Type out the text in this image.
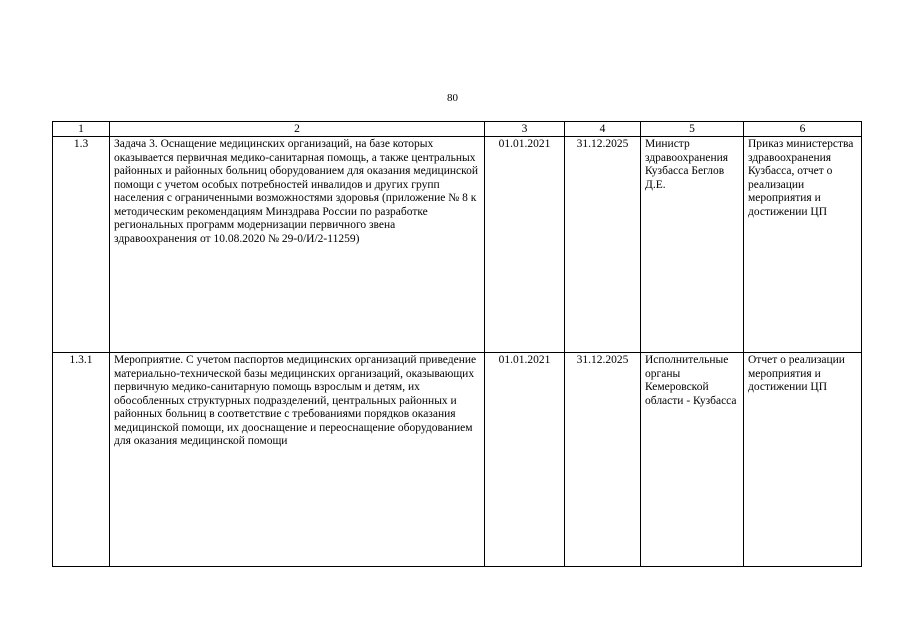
80
1	2	3	4	5	6
1.3	Задача 3. Оснащение медицинских организаций, на базе которых оказывается первичная медико-санитарная помощь, а также центральных районных и районных больниц оборудованием для оказания медицинской помощи с учетом особых потребностей инвалидов и других групп населения с ограниченными возможностями здоровья (приложение № 8 к методическим рекомендациям Минздрава России по разработке региональных программ модернизации первичного звена здравоохранения от 10.08.2020 № 29-0/И/2-11259)	01.01.2021	31.12.2025	Министр здравоохранения Кузбасса Беглов Д.Е.	Приказ министерства здравоохранения Кузбасса, отчет о реализации мероприятия и достижении ЦП
1.3.1	Мероприятие. С учетом паспортов медицинских организаций приведение материально-технической базы медицинских организаций, оказывающих первичную медико-санитарную помощь взрослым и детям, их обособленных структурных подразделений, центральных районных и районных больниц в соответствие с требованиями порядков оказания медицинской помощи, их дооснащение и переоснащение оборудованием для оказания медицинской помощи	01.01.2021	31.12.2025	Исполнительные органы Кемеровской области - Кузбасса	Отчет о реализации мероприятия и достижении ЦП
